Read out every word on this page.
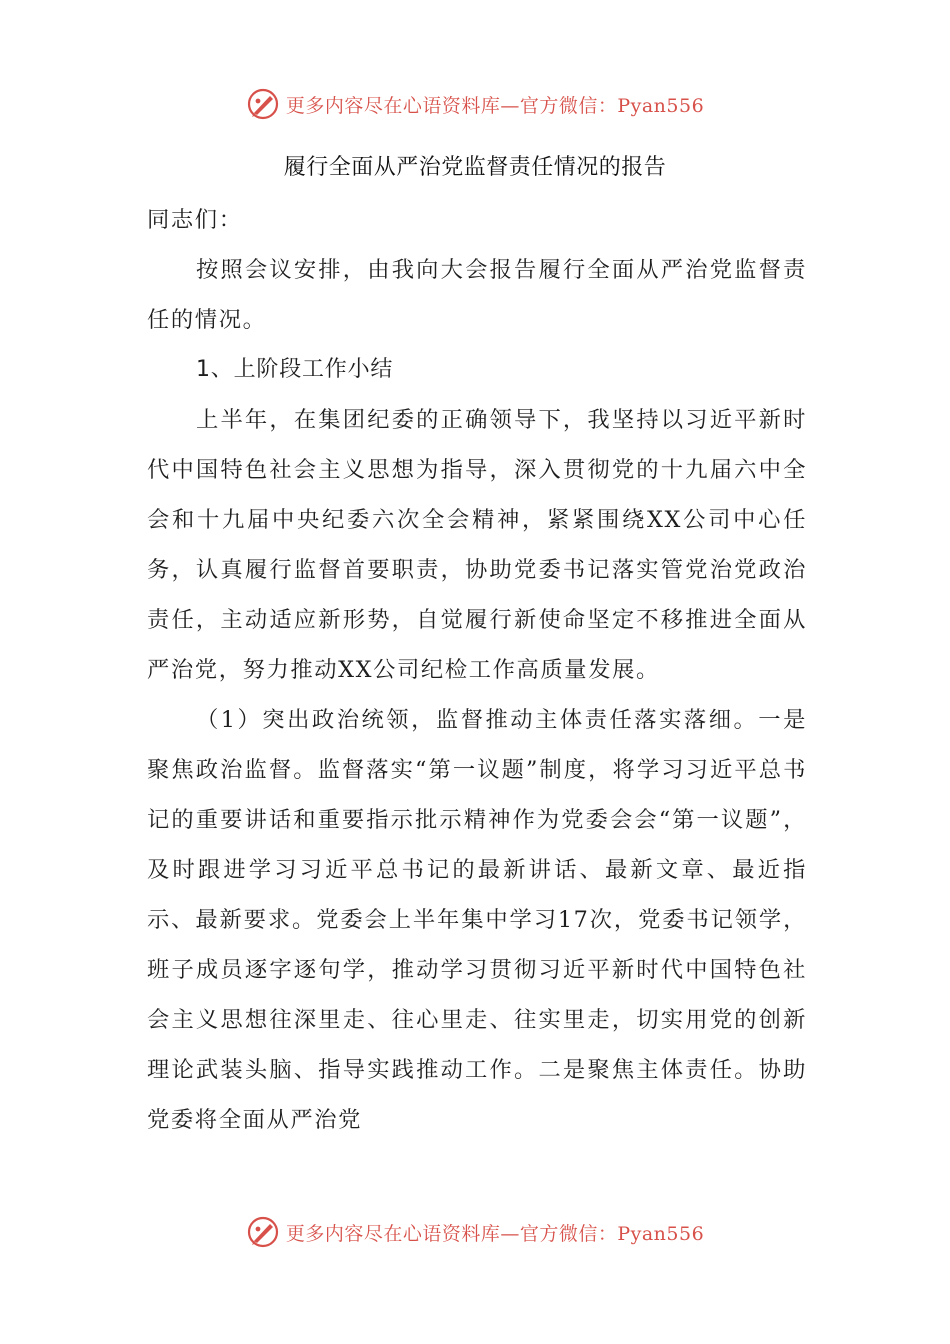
更多内容尽在心语资料库—官方微信：Pyan556
履行全面从严治党监督责任情况的报告

同志们：

按照会议安排，由我向大会报告履行全面从严治党监督责任的情况。

1、上阶段工作小结

上半年，在集团纪委的正确领导下，我坚持以习近平新时代中国特色社会主义思想为指导，深入贯彻党的十九届六中全会和十九届中央纪委六次全会精神，紧紧围绕XX公司中心任务，认真履行监督首要职责，协助党委书记落实管党治党政治责任，主动适应新形势，自觉履行新使命坚定不移推进全面从严治党，努力推动XX公司纪检工作高质量发展。

（1）突出政治统领，监督推动主体责任落实落细。一是聚焦政治监督。监督落实“第一议题”制度，将学习习近平总书记的重要讲话和重要指示批示精神作为党委会会“第一议题”，及时跟进学习习近平总书记的最新讲话、最新文章、最近指示、最新要求。党委会上半年集中学习17次，党委书记领学，班子成员逐字逐句学，推动学习贯彻习近平新时代中国特色社会主义思想往深里走、往心里走、往实里走，切实用党的创新理论武装头脑、指导实践推动工作。二是聚焦主体责任。协助党委将全面从严治党

更多内容尽在心语资料库—官方微信：Pyan556
